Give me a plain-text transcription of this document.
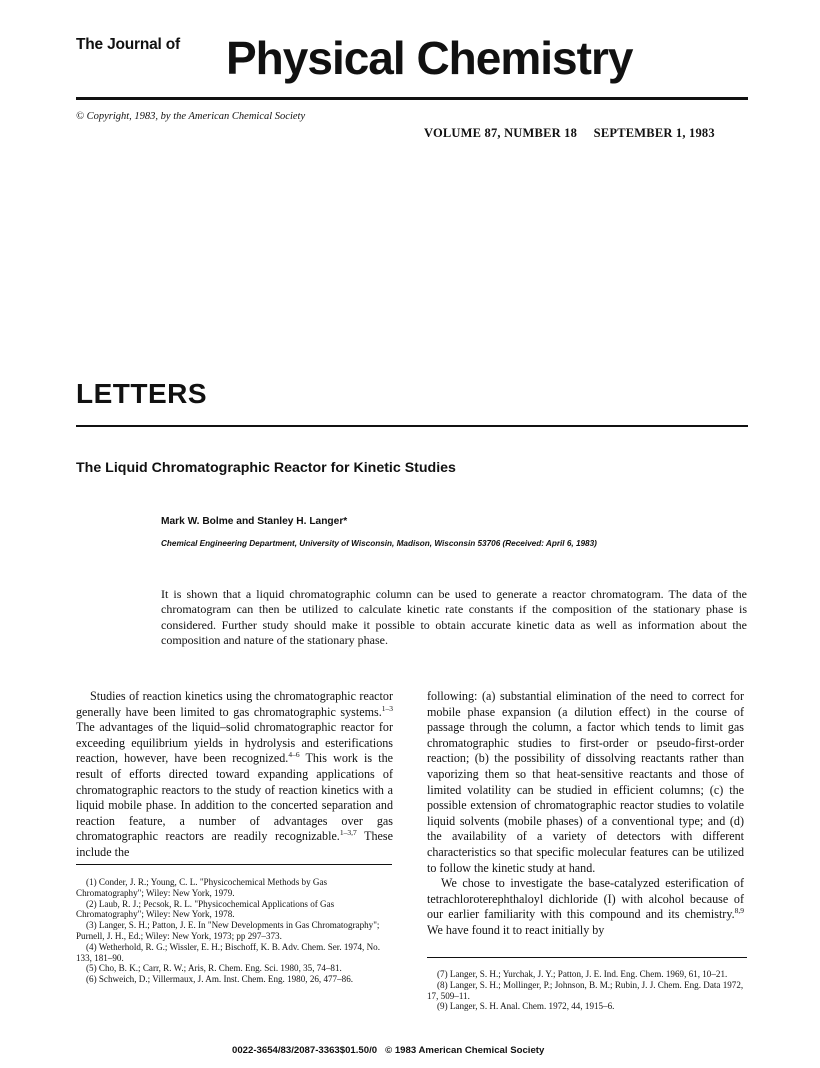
The Journal of Physical Chemistry
© Copyright, 1983, by the American Chemical Society
VOLUME 87, NUMBER 18     SEPTEMBER 1, 1983
LETTERS
The Liquid Chromatographic Reactor for Kinetic Studies
Mark W. Bolme and Stanley H. Langer*
Chemical Engineering Department, University of Wisconsin, Madison, Wisconsin 53706 (Received: April 6, 1983)
It is shown that a liquid chromatographic column can be used to generate a reactor chromatogram. The data of the chromatogram can then be utilized to calculate kinetic rate constants if the composition of the stationary phase is considered. Further study should make it possible to obtain accurate kinetic data as well as information about the composition and nature of the stationary phase.

Studies of reaction kinetics using the chromatographic reactor generally have been limited to gas chromatographic systems.$^{1-3}$ The advantages of the liquid–solid chromatographic reactor for exceeding equilibrium yields in hydrolysis and esterifications reaction, however, have been recognized.$^{4-6}$ This work is the result of efforts directed toward expanding applications of chromatographic reactors to the study of reaction kinetics with a liquid mobile phase. In addition to the concerted separation and reaction feature, a number of advantages over gas chromatographic reactors are readily recognizable.$^{1-3,7}$ These include the

following: (a) substantial elimination of the need to correct for mobile phase expansion (a dilution effect) in the course of passage through the column, a factor which tends to limit gas chromatographic studies to first-order or pseudo-first-order reaction; (b) the possibility of dissolving reactants rather than vaporizing them so that heat-sensitive reactants and those of limited volatility can be studied in efficient columns; (c) the possible extension of chromatographic reactor studies to volatile liquid solvents (mobile phases) of a conventional type; and (d) the availability of a variety of detectors with different characteristics so that specific molecular features can be utilized to follow the kinetic study at hand.

We chose to investigate the base-catalyzed esterification of tetrachloroterephthaloyl dichloride (I) with alcohol because of our earlier familiarity with this compound and its chemistry.$^{8,9}$ We have found it to react initially by

(1) Conder, J. R.; Young, C. L. "Physicochemical Methods by Gas Chromatography"; Wiley: New York, 1979.
(2) Laub, R. J.; Pecsok, R. L. "Physicochemical Applications of Gas Chromatography"; Wiley: New York, 1978.
(3) Langer, S. H.; Patton, J. E. In "New Developments in Gas Chromatography"; Purnell, J. H., Ed.; Wiley: New York, 1973; pp 297–373.
(4) Wetherhold, R. G.; Wissler, E. H.; Bischoff, K. B. Adv. Chem. Ser. 1974, No. 133, 181–90.
(5) Cho, B. K.; Carr, R. W.; Aris, R. Chem. Eng. Sci. 1980, 35, 74–81.
(6) Schweich, D.; Villermaux, J. Am. Inst. Chem. Eng. 1980, 26, 477–86.
(7) Langer, S. H.; Yurchak, J. Y.; Patton, J. E. Ind. Eng. Chem. 1969, 61, 10–21.
(8) Langer, S. H.; Mollinger, P.; Johnson, B. M.; Rubin, J. J. Chem. Eng. Data 1972, 17, 509–11.
(9) Langer, S. H. Anal. Chem. 1972, 44, 1915–6.
0022-3654/83/2087-3363$01.50/0   © 1983 American Chemical Society
